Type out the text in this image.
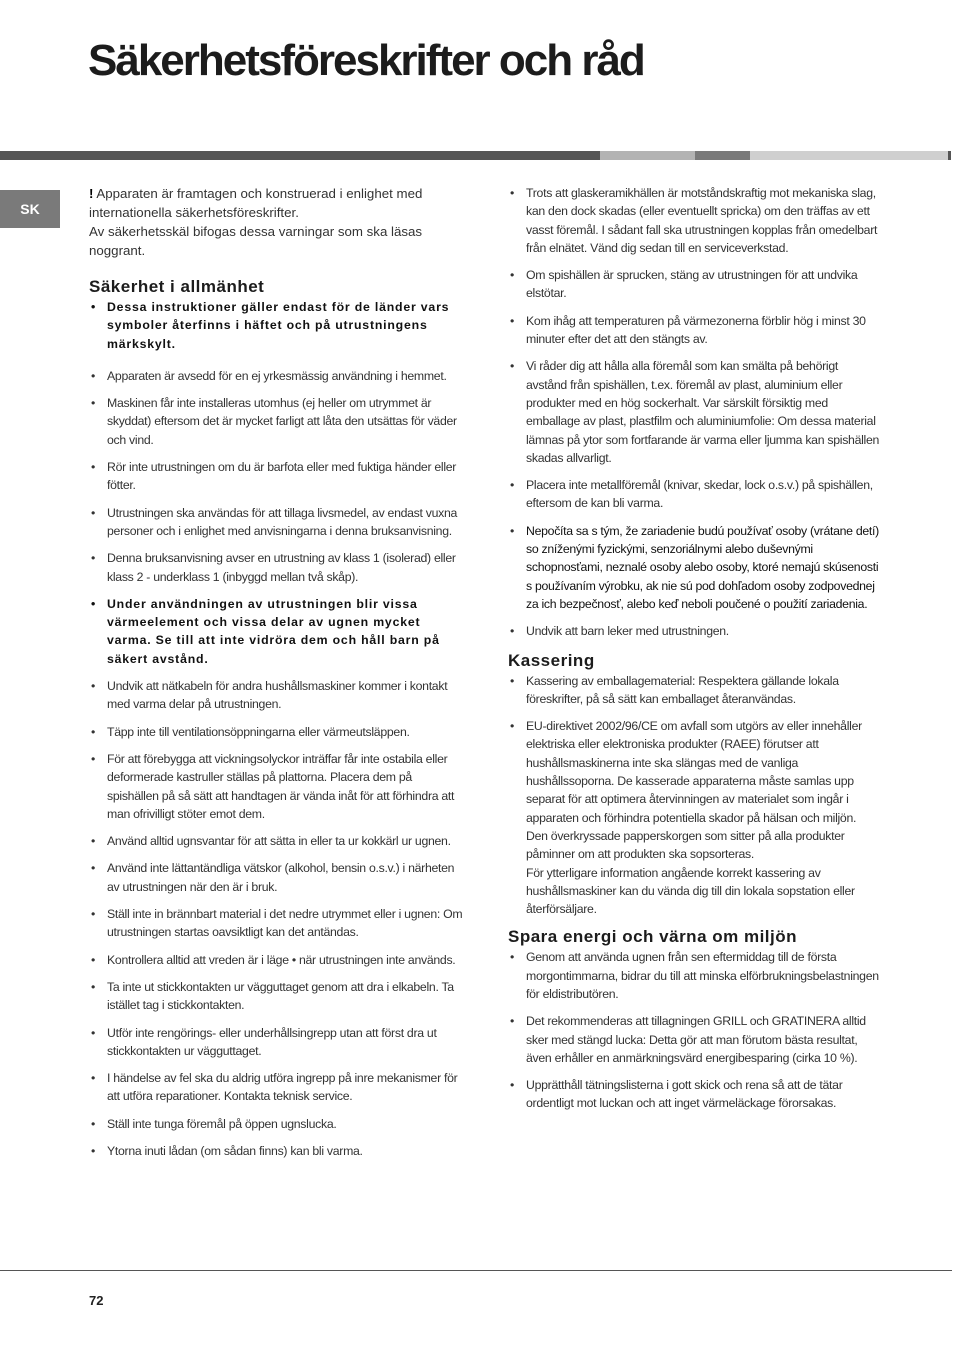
Säkerhetsföreskrifter och råd
SK

! Apparaten är framtagen och konstruerad i enlighet med internationella säkerhetsföreskrifter.

Av säkerhetsskäl bifogas dessa varningar som ska läsas noggrant.

Säkerhet i allmänhet
• Dessa instruktioner gäller endast för de länder vars symboler återfinns i häftet och på utrustningens märkskylt.
• Apparaten är avsedd för en ej yrkesmässig användning i hemmet.
• Maskinen får inte installeras utomhus (ej heller om utrymmet är skyddat) eftersom det är mycket farligt att låta den utsättas för väder och vind.
• Rör inte utrustningen om du är barfota eller med fuktiga händer eller fötter.
• Utrustningen ska användas för att tillaga livsmedel, av endast vuxna personer och i enlighet med anvisningarna i denna bruksanvisning.
• Denna bruksanvisning avser en utrustning av klass 1 (isolerad) eller klass 2 - underklass 1 (inbyggd mellan två skåp).
• Under användningen av utrustningen blir vissa värmeelement och vissa delar av ugnen mycket varma. Se till att inte vidröra dem och håll barn på säkert avstånd.
• Undvik att nätkabeln för andra hushållsmaskiner kommer i kontakt med varma delar på utrustningen.
• Täpp inte till ventilationsöppningarna eller värmeutsläppen.
• För att förebygga att vickningsolyckor inträffar får inte ostabila eller deformerade kastruller ställas på plattorna. Placera dem på spishällen på så sätt att handtagen är vända inåt för att förhindra att man ofrivilligt stöter emot dem.
• Använd alltid ugnsvantar för att sätta in eller ta ur kokkärl ur ugnen.
• Använd inte lättantändliga vätskor (alkohol, bensin o.s.v.) i närheten av utrustningen när den är i bruk.
• Ställ inte in brännbart material i det nedre utrymmet eller i ugnen: Om utrustningen startas oavsiktligt kan det antändas.
• Kontrollera alltid att vreden är i läge • när utrustningen inte används.
• Ta inte ut stickkontakten ur vägguttaget genom att dra i elkabeln. Ta istället tag i stickkontakten.
• Utför inte rengörings- eller underhållsingrepp utan att först dra ut stickkontakten ur vägguttaget.
• I händelse av fel ska du aldrig utföra ingrepp på inre mekanismer för att utföra reparationer. Kontakta teknisk service.
• Ställ inte tunga föremål på öppen ugnslucka.
• Ytorna inuti lådan (om sådan finns) kan bli varma.
• Trots att glaskeramikhällen är motståndskraftig mot mekaniska slag, kan den dock skadas (eller eventuellt spricka) om den träffas av ett vasst föremål. I sådant fall ska utrustningen kopplas från omedelbart från elnätet. Vänd dig sedan till en serviceverkstad.
• Om spishällen är sprucken, stäng av utrustningen för att undvika elstötar.
• Kom ihåg att temperaturen på värmezonerna förblir hög i minst 30 minuter efter det att den stängts av.
• Vi råder dig att hålla alla föremål som kan smälta på behörigt avstånd från spishällen, t.ex. föremål av plast, aluminium eller produkter med en hög sockerhalt. Var särskilt försiktig med emballage av plast, plastfilm och aluminiumfolie: Om dessa material lämnas på ytor som fortfarande är varma eller ljumma kan spishällen skadas allvarligt.
• Placera inte metallföremål (knivar, skedar, lock o.s.v.) på spishällen, eftersom de kan bli varma.
• Nepočíta sa s tým, že zariadenie budú používať osoby (vrátane detí) so zníženými fyzickými, senzoriálnymi alebo duševnými schopnosťami, neznalé osoby alebo osoby, ktoré nemajú skúsenosti s používaním výrobku, ak nie sú pod dohľadom osoby zodpovednej za ich bezpečnosť, alebo keď neboli poučené o použití zariadenia.
• Undvik att barn leker med utrustningen.
Kassering
• Kassering av emballagematerial: Respektera gällande lokala föreskrifter, på så sätt kan emballaget återanvändas.
• EU-direktivet 2002/96/CE om avfall som utgörs av eller innehåller elektriska eller elektroniska produkter (RAEE) förutser att hushållsmaskinerna inte ska slängas med de vanliga hushållssoporna. De kasserade apparaterna måste samlas upp separat för att optimera återvinningen av materialet som ingår i apparaten och förhindra potentiella skador på hälsan och miljön. Den överkryssade papperskorgen som sitter på alla produkter påminner om att produkten ska sopsorteras.

För ytterligare information angående korrekt kassering av hushållsmaskiner kan du vända dig till din lokala sopstation eller återförsäljare.

Spara energi och värna om miljön
• Genom att använda ugnen från sen eftermiddag till de första morgontimmarna, bidrar du till att minska elförbrukningsbelastningen för eldistributören.
• Det rekommenderas att tillagningen GRILL och GRATINERA alltid sker med stängd lucka: Detta gör att man förutom bästa resultat, även erhåller en anmärkningsvärd energibesparing (cirka 10 %).
• Upprätthåll tätningslisterna i gott skick och rena så att de tätar ordentligt mot luckan och att inget värmeläckage förorsakas.
72
